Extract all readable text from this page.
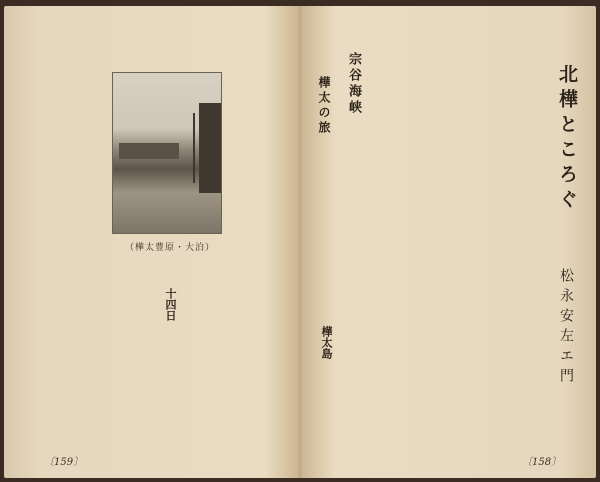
（樺太豊原・大泊）
十四日
〔159〕
北樺ところぐ
松永安左エ門
宗谷海峡
樺太の旅
樺太島
〔158〕
